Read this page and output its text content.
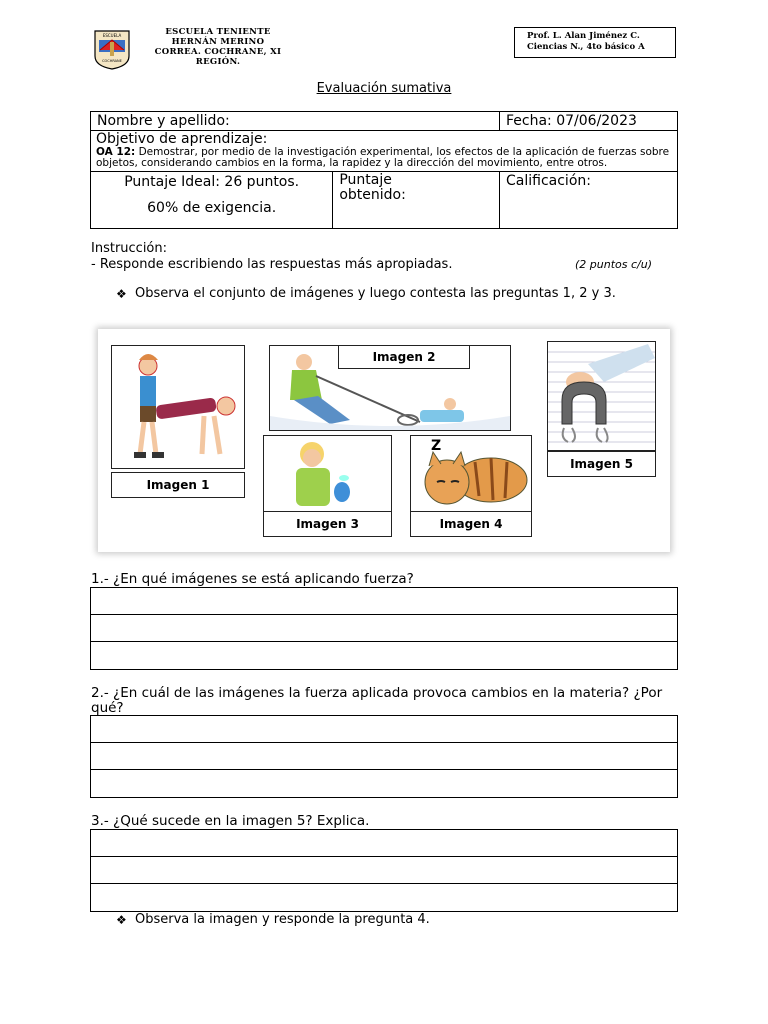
ESCUELA
COCHRANE
ESCUELA TENIENTE
HERNÁN MERINO
CORREA. COCHRANE, XI
REGIÓN.
Prof. L. Alan Jiménez C.
Ciencias N., 4to básico A
Evaluación sumativa
Nombre y apellido:		Fecha: 07/06/2023

Objetivo de aprendizaje:
OA 12: Demostrar, por medio de la investigación experimental, los efectos de la aplicación de fuerzas sobre objetos, considerando cambios en la forma, la rapidez y la dirección del movimiento, entre otros.		

Puntaje Ideal: 26 puntos.
60% de exigencia.	Puntaje obtenido:	Calificación:
Instrucción:
- Responde escribiendo las respuestas más apropiadas.	(2 puntos c/u)
❖ Observa el conjunto de imágenes y luego contesta las preguntas 1, 2 y 3.
Imagen 1
Imagen 2
Imagen 3
Z
Imagen 4
Imagen 5
1.- ¿En qué imágenes se está aplicando fuerza?
2.- ¿En cuál de las imágenes la fuerza aplicada provoca cambios en la materia? ¿Por qué?
3.- ¿Qué sucede en la imagen 5? Explica.
❖ Observa la imagen y responde la pregunta 4.
